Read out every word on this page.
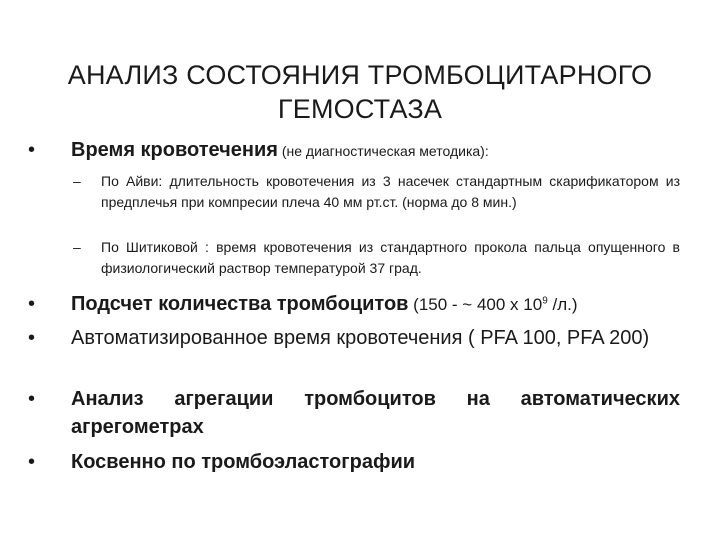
АНАЛИЗ СОСТОЯНИЯ ТРОМБОЦИТАРНОГО ГЕМОСТАЗА
• Время кровотечения (не диагностическая методика):
– По Айви: длительность кровотечения из 3 насечек стандартным скарификатором из предплечья при компресии плеча 40 мм рт.ст. (норма до 8 мин.)
– По Шитиковой : время кровотечения из стандартного прокола пальца опущенного в физиологический раствор температурой 37 град.
• Подсчет количества тромбоцитов (150 - ~ 400 х $10^9$ /л.)
• Автоматизированное время кровотечения ( PFA 100, PFA 200)
• Анализ агрегации тромбоцитов на автоматических агрегометрах
• Косвенно по тромбоэластографии
